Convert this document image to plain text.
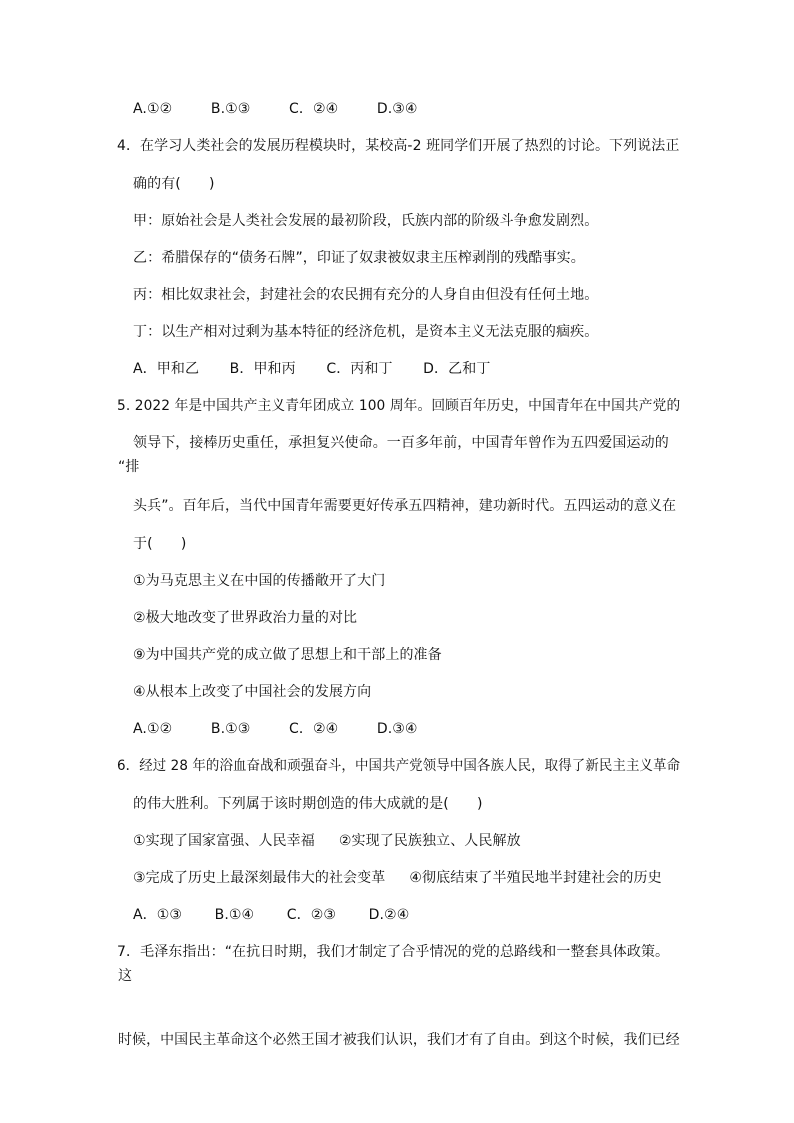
A.①②	B.①③	C．②④	D.③④
4．在学习人类社会的发展历程模块时，某校高-2 班同学们开展了热烈的讨论。下列说法正
确的有(　　)
甲：原始社会是人类社会发展的最初阶段，氏族内部的阶级斗争愈发剧烈。
乙：希腊保存的“债务石牌”，印证了奴隶被奴隶主压榨剥削的残酷事实。
丙：相比奴隶社会，封建社会的农民拥有充分的人身自由但没有任何土地。
丁：以生产相对过剩为基本特征的经济危机，是资本主义无法克服的痼疾。
A．甲和乙 B．甲和丙 C．丙和丁 D．乙和丁
5. 2022 年是中国共产主义青年团成立 100 周年。回顾百年历史，中国青年在中国共产党的
领导下，接棒历史重任，承担复兴使命。一百多年前，中国青年曾作为五四爱国运动的
“排
头兵”。百年后，当代中国青年需要更好传承五四精神，建功新时代。五四运动的意义在
于(　　)
①为马克思主义在中国的传播敞开了大门
②极大地改变了世界政治力量的对比
⑨为中国共产党的成立做了思想上和干部上的准备
④从根本上改变了中国社会的发展方向
A.①②	B.①③	C．②④	D.③④
6．经过 28 年的浴血奋战和顽强奋斗，中国共产党领导中国各族人民，取得了新民主主义革命
的伟大胜利。下列属于该时期创造的伟大成就的是(　　)
①实现了国家富强、人民幸福 ②实现了民族独立、人民解放
③完成了历史上最深刻最伟大的社会变革 ④彻底结束了半殖民地半封建社会的历史
A．①③ B.①④ C．②③ D.②④
7．毛泽东指出：“在抗日时期，我们才制定了合乎情况的党的总路线和一整套具体政策。
这
时候，中国民主革命这个必然王国才被我们认识，我们才有了自由。到这个时候，我们已经
